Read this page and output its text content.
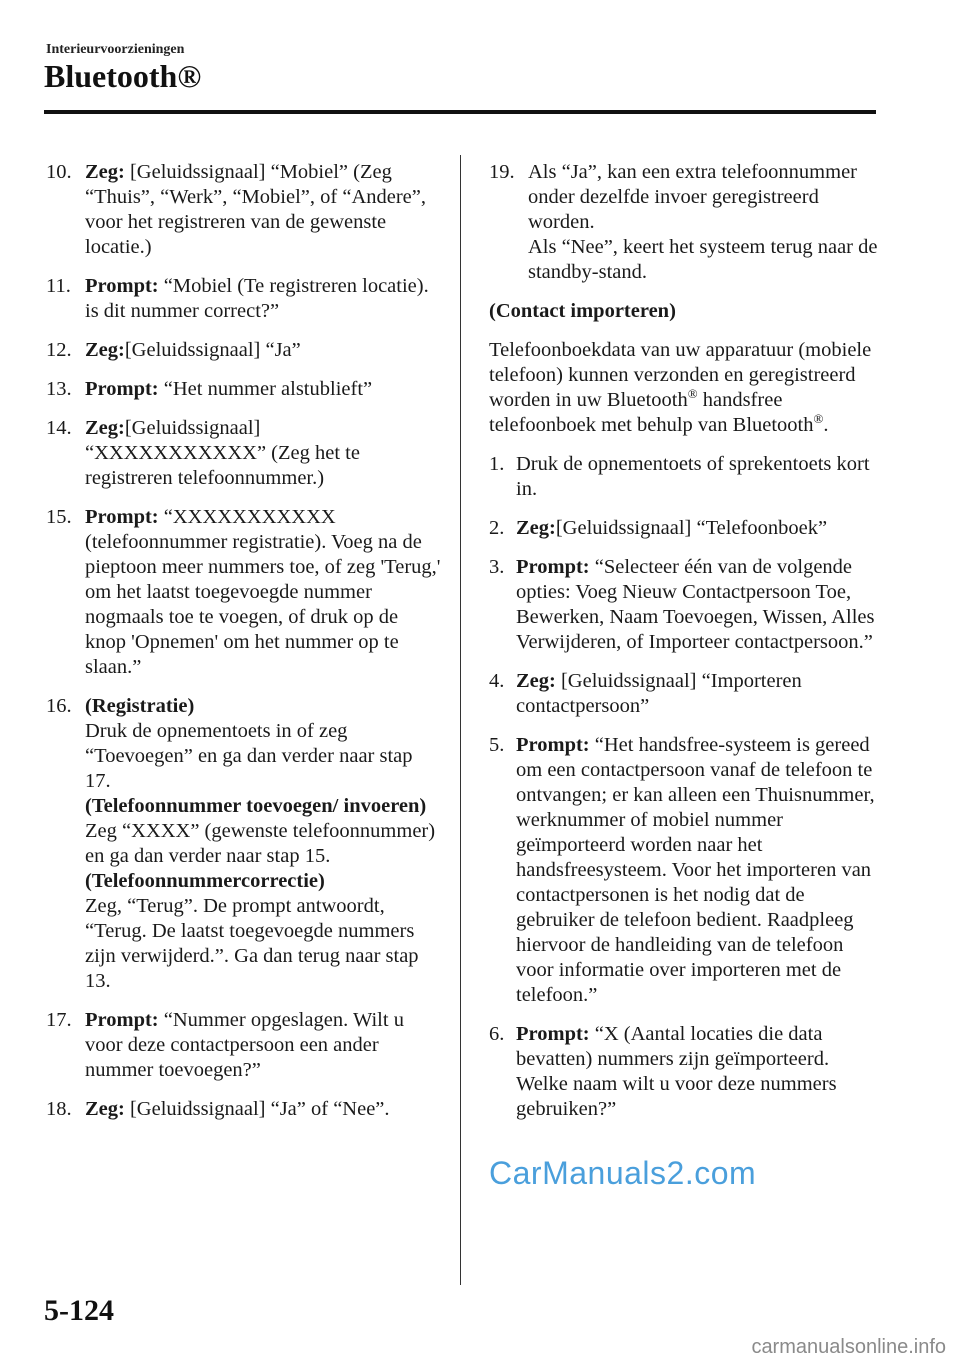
Interieurvoorzieningen
Bluetooth®
10. Zeg: [Geluidssignaal] “Mobiel” (Zeg “Thuis”, “Werk”, “Mobiel”, of “Andere”, voor het registreren van de gewenste locatie.)
11. Prompt: “Mobiel (Te registreren locatie). is dit nummer correct?”
12. Zeg:[Geluidssignaal] “Ja”
13. Prompt: “Het nummer alstublieft”
14. Zeg:[Geluidssignaal] “XXXXXXXXXXX” (Zeg het te registreren telefoonnummer.)
15. Prompt: “XXXXXXXXXXX (telefoonnummer registratie). Voeg na de pieptoon meer nummers toe, of zeg 'Terug,' om het laatst toegevoegde nummer nogmaals toe te voegen, of druk op de knop 'Opnemen' om het nummer op te slaan.”
16. (Registratie)
Druk de opnementoets in of zeg “Toevoegen” en ga dan verder naar stap 17.
(Telefoonnummer toevoegen/ invoeren)
Zeg “XXXX” (gewenste telefoonnummer) en ga dan verder naar stap 15.
(Telefoonnummercorrectie)
Zeg, “Terug”. De prompt antwoordt, “Terug. De laatst toegevoegde nummers zijn verwijderd.”. Ga dan terug naar stap 13.
17. Prompt: “Nummer opgeslagen. Wilt u voor deze contactpersoon een ander nummer toevoegen?”
18. Zeg: [Geluidssignaal] “Ja” of “Nee”.
19. Als “Ja”, kan een extra telefoonnummer onder dezelfde invoer geregistreerd worden.
Als “Nee”, keert het systeem terug naar de standby-stand.

(Contact importeren)

Telefoonboekdata van uw apparatuur (mobiele telefoon) kunnen verzonden en geregistreerd worden in uw Bluetooth® handsfree telefoonboek met behulp van Bluetooth®.

1. Druk de opnementoets of sprekentoets kort in.
2. Zeg:[Geluidssignaal] “Telefoonboek”
3. Prompt: “Selecteer één van de volgende opties: Voeg Nieuw Contactpersoon Toe, Bewerken, Naam Toevoegen, Wissen, Alles Verwijderen, of Importeer contactpersoon.”
4. Zeg: [Geluidssignaal] “Importeren contactpersoon”
5. Prompt: “Het handsfree-systeem is gereed om een contactpersoon vanaf de telefoon te ontvangen; er kan alleen een Thuisnummer, werknummer of mobiel nummer geïmporteerd worden naar het handsfreesysteem. Voor het importeren van contactpersonen is het nodig dat de gebruiker de telefoon bedient. Raadpleeg hiervoor de handleiding van de telefoon voor informatie over importeren met de telefoon.”
6. Prompt: “X (Aantal locaties die data bevatten) nummers zijn geïmporteerd. Welke naam wilt u voor deze nummers gebruiken?”
CarManuals2.com
5-124
carmanualsonline.info
